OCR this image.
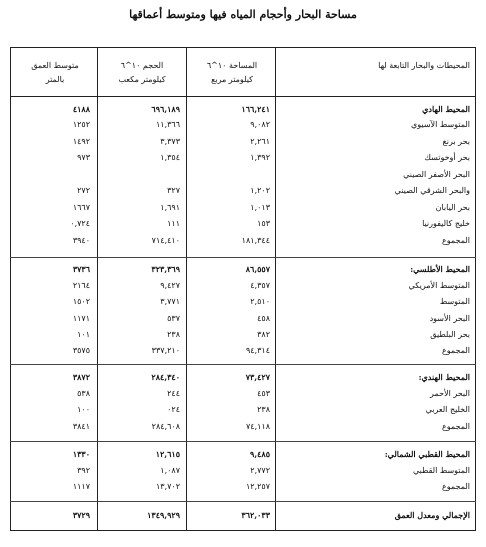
مساحة البحار وأحجام المياه فيها ومتوسط أعماقها
المحيطات والبحار التابعة لها
المساحة ١٠^٦
كيلومتر مربع
الحجم ١٠^٦
كيلومتر مكعب
متوسط العمق
بالمتر
المحيط الهادي
١٦٦,٢٤١
٦٩٦,١٨٩
٤١٨٨
المتوسط الآسيوي
٩,٠٨٢
١١,٣٦٦
١٢٥٢
بحر برنغ
٢,٢٦١
٣,٣٧٣
١٤٩٢
بحر أوخوتسك
١,٣٩٢
١,٣٥٤
٩٧٣
البحر الأصفر الصيني
والبحر الشرقي الصيني
١,٢٠٢
٣٢٧
٢٧٢
بحر اليابان
١,٠١٣
١,٦٩١
١٦٦٧
خليج كاليفورنيا
١٥٣
١١١
٠,٧٢٤
المجموع
١٨١,٣٤٤
٧١٤,٤١٠
٣٩٤٠
المحيط الأطلسي:
٨٦,٥٥٧
٣٢٣,٣٦٩
٣٧٣٦
المتوسط الأمريكي
٤,٣٥٧
٩,٤٢٧
٢١٦٤
المتوسط
٢,٥١٠
٣,٧٧١
١٥٠٢
البحر الأسود
٤٥٨
٥٣٧
١١٧١
بحر البلطيق
٣٨٢
٢٣٨
١٠١
المجموع
٩٤,٣١٤
٣٣٧,٢١٠
٣٥٧٥
المحيط الهندي:
٧٣,٤٢٧
٢٨٤,٣٤٠
٣٨٧٢
البحر الأحمر
٤٥٣
٢٤٤
٥٣٨
الخليج العربي
٢٣٨
٠٢٤
١٠٠
المجموع
٧٤,١١٨
٢٨٤,٦٠٨
٣٨٤١
المحيط القطبي الشمالي:
٩,٤٨٥
١٢,٦١٥
١٣٣٠
المتوسط القطبي
٢,٧٧٢
١,٠٨٧
٣٩٢
المجموع
١٢,٢٥٧
١٣,٧٠٢
١١١٧
الإجمالي ومعدل العمق
٣٦٢,٠٣٣
١٣٤٩,٩٢٩
٣٧٢٩
